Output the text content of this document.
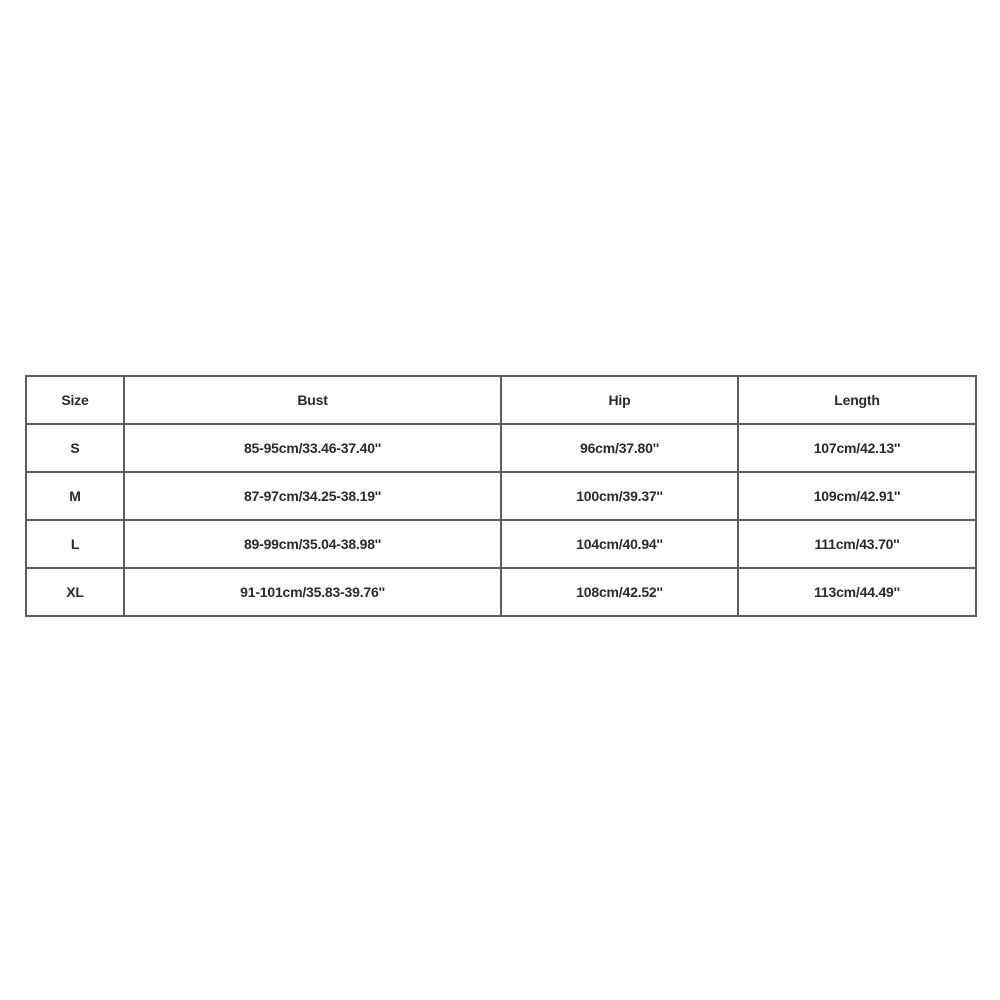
Size	Bust	Hip	Length
S	85-95cm/33.46-37.40''	96cm/37.80''	107cm/42.13''
M	87-97cm/34.25-38.19''	100cm/39.37''	109cm/42.91''
L	89-99cm/35.04-38.98''	104cm/40.94''	111cm/43.70''
XL	91-101cm/35.83-39.76''	108cm/42.52''	113cm/44.49''
